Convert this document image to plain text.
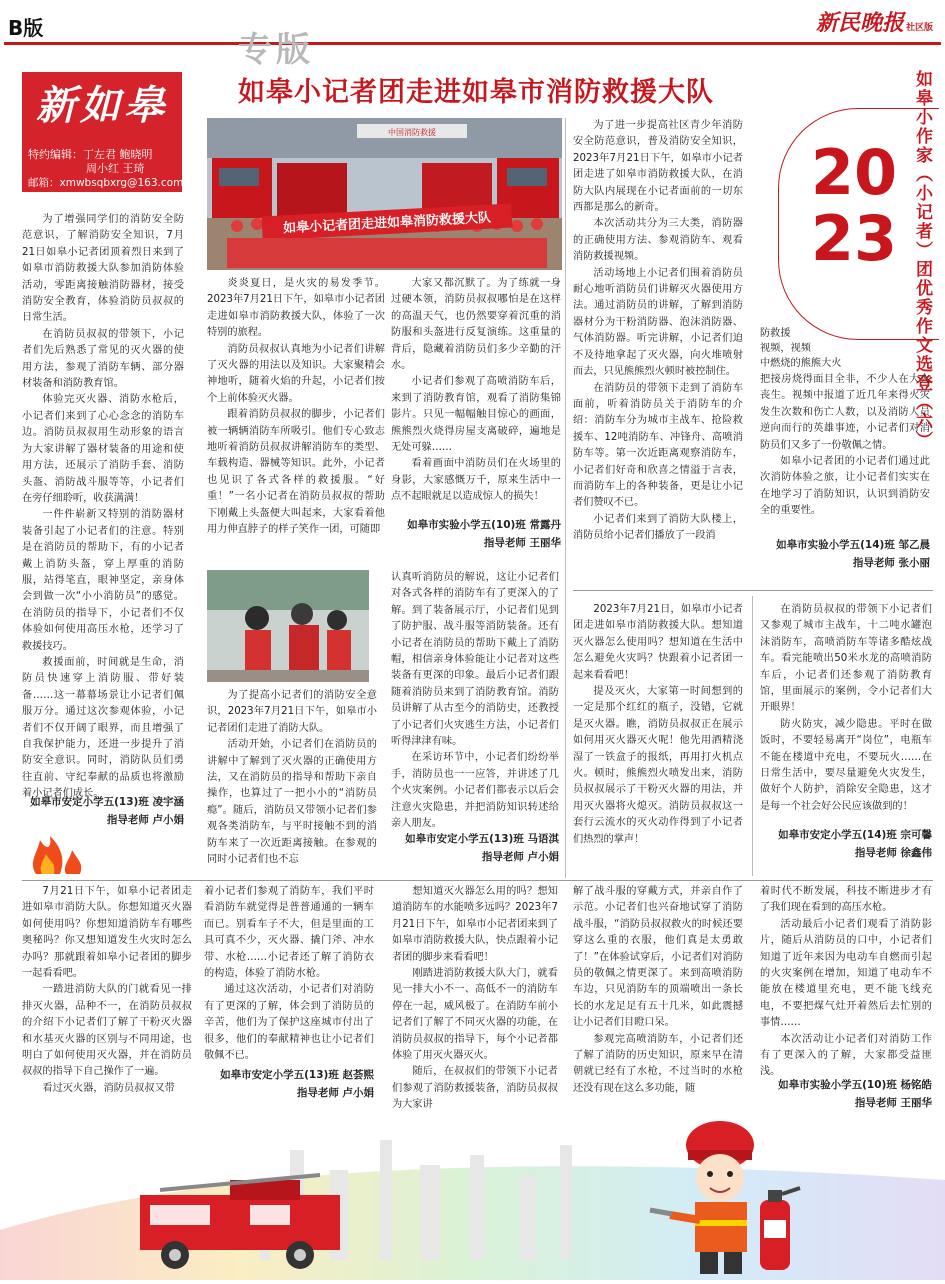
B版	新民晚报 社区版
专版
如皋小记者团走进如皋市消防救援大队
新如皋
特约编辑：丁左君 鲍晓明
周小红 王琦
邮箱：xmwbsqbxrg@163.com	20
23 如皋小作家（小记者）团优秀作文选登（六）
中国消防救援
如皋小记者团走进如皋消防救援大队

为了增强同学们的消防安全防范意识，了解消防安全知识，7月21日如皋小记者团顶着烈日来到了如皋市消防救援大队参加消防体验活动，零距离接触消防器材，接受消防安全教育，体验消防员叔叔的日常生活。

在消防员叔叔的带领下，小记者们先后熟悉了常见的灭火器的使用方法，参观了消防车辆、部分器材装备和消防教育馆。

体验完灭火器、消防水枪后，小记者们来到了心心念念的消防车边。消防员叔叔用生动形象的语言为大家讲解了器材装备的用途和使用方法，还展示了消防手套、消防头盔、消防战斗服等等，小记者们在旁仔细聆听，收获满满！

一件件崭新又特别的消防器材装备引起了小记者们的注意。特别是在消防员的帮助下，有的小记者戴上消防头盔，穿上厚重的消防服，站得笔直，眼神坚定，亲身体会到做一次“小小消防员”的感觉。在消防员的指导下，小记者们不仅体验如何使用高压水枪，还学习了救援技巧。

救援面前，时间就是生命，消防员快速穿上消防服、带好装备……这一幕幕场景让小记者们佩服万分。通过这次参观体验，小记者们不仅开阔了眼界，而且增强了自我保护能力，还进一步提升了消防安全意识。同时，消防队员们勇往直前、守纪奉献的品质也将激励着小记者们成长。

如皋市安定小学五(13)班 凌宇涵
指导老师 卢小娟

炎炎夏日，是火灾的易发季节。2023年7月21日下午，如皋市小记者团走进如皋市消防救援大队，体验了一次特别的旅程。

消防员叔叔认真地为小记者们讲解了灭火器的用法以及知识。大家聚精会神地听，随着火焰的升起，小记者们按个上前体验灭火器。

跟着消防员叔叔的脚步，小记者们被一辆辆消防车所吸引。他们专心致志地听着消防员叔叔讲解消防车的类型、车载构造、器械等知识。此外，小记者也见识了各式各样的救援服。“好重！”一名小记者在消防员叔叔的帮助下刚戴上头盔便大叫起来，大家看着他用力伸直脖子的样子笑作一团，可随即

大家又都沉默了。为了练就一身过硬本领，消防员叔叔哪怕是在这样的高温天气，也仍然要穿着沉重的消防服和头盔进行反复演练。这重量的背后，隐藏着消防员们多少辛勤的汗水。

小记者们参观了高喷消防车后，来到了消防教育馆，观看了消防集锦影片。只见一幅幅触目惊心的画面，熊熊烈火烧得房屋支离破碎，遍地是无处可躲……

看着画面中消防员们在火场里的身影，大家感慨万千，原来生活中一点不起眼就足以造成惊人的损失！

如皋市实验小学五(10)班 常露丹
指导老师 王丽华

为了进一步提高社区青少年消防安全防范意识，普及消防安全知识，2023年7月21日下午，如皋市小记者团走进了如皋市消防救援大队，在消防大队内展现在小记者面前的一切东西都是那么的新奇。

本次活动共分为三大类，消防器的正确使用方法、参观消防车、观看消防救援视频。

活动场地上小记者们围着消防员耐心地听消防员们讲解灭火器使用方法。通过消防员的讲解，了解到消防器材分为干粉消防器、泡沫消防器、气体消防器。听完讲解，小记者们迫不及待地拿起了灭火器，向火堆喷射而去，只见熊熊烈火顿时被控制住。

在消防员的带领下走到了消防车面前，听着消防员关于消防车的介绍：消防车分为城市主战车、抢险救援车、12吨消防车、冲锋舟、高喷消防车等。第一次近距离观察消防车，小记者们好奇和欣喜之情溢于言表，而消防车上的各种装备，更是让小记者们赞叹不已。

小记者们来到了消防大队楼上，消防员给小记者们播放了一段消

防救援
视频，视频
中燃烧的熊熊大火

把接房烧得面目全非，不少人在大火丧生。视频中报道了近几年来得火灾发生次数和伤亡人数，以及消防人员逆向而行的英雄事迹，小记者们对消防员们又多了一份敬佩之情。

如皋小记者团的小记者们通过此次消防体验之旅，让小记者们实实在在地学习了消防知识，认识到消防安全的重要性。

如皋市实验小学五(14)班 邹乙晨
指导老师 张小丽

为了提高小记者们的消防安全意识，2023年7月21日下午，如皋市小记者团们走进了消防大队。

活动开始，小记者们在消防员的讲解中了解到了灭火器的正确使用方法，又在消防员的指导和帮助下亲自操作，也算过了一把小小的“消防员瘾”。随后，消防员又带领小记者们参观各类消防车，与平时接触不到的消防车来了一次近距离接触。在参观的同时小记者们也不忘

认真听消防员的解说，这让小记者们对各式各样的消防车有了更深入的了解。到了装备展示厅，小记者们见到了防护服、战斗服等消防装备。还有小记者在消防员的帮助下戴上了消防帽，相信亲身体验能让小记者对这些装备有更深的印象。最后小记者们跟随着消防员来到了消防教育馆。消防员讲解了从古至今的消防史，还教授了小记者们火灾逃生方法，小记者们听得津津有味。

在采访环节中，小记者们纷纷举手，消防员也一一应答，并讲述了几个火灾案例。小记者们都表示以后会注意火灾隐患，并把消防知识转述给亲人朋友。

如皋市安定小学五(13)班 马语淇
指导老师 卢小娟

2023年7月21日，如皋市小记者团走进如皋市消防救援大队。想知道灭火器怎么使用吗？想知道在生活中怎么避免火灾吗？快跟着小记者团一起来看看吧！

提及灭火，大家第一时间想到的一定是那个红红的瓶子，没错，它就是灭火器。瞧，消防员叔叔正在展示如何用灭火器灭火呢！他先用酒精浇湿了一铁盒子的报纸，再用打火机点火。顿时，熊熊烈火喷发出来，消防员叔叔展示了干粉灭火器的用法，并用灭火器将火熄灭。消防员叔叔这一套行云流水的灭火动作得到了小记者们热烈的掌声！

在消防员叔叔的带领下小记者们又参观了城市主战车，十二吨水罐泡沫消防车，高喷消防车等诸多酷炫战车。看完能喷出50米水龙的高喷消防车后，小记者们还参观了消防教育馆，里面展示的案例，令小记者们大开眼界！

防火防灾，减少隐患。平时在做饭时，不要轻易离开“岗位”，电瓶车不能在楼道中充电，不要玩火……在日常生活中，要尽量避免火灾发生，做好个人防护，消除安全隐患，这才是每一个社会好公民应该做到的！

如皋市安定小学五(14)班 宗可馨
指导老师 徐鑫伟

7月21日下午，如皋小记者团走进如皋市消防大队。你想知道灭火器如何使用吗？你想知道消防车有哪些奥秘吗？你又想知道发生火灾时怎么办吗？那就跟着如皋小记者团的脚步一起看看吧。

一踏进消防大队的门就看见一排排灭火器，品种不一，在消防员叔叔的介绍下小记者们了解了干粉灭火器和水基灭火器的区别与不同用途，也明白了如何使用灭火器，并在消防员叔叔的指导下自己操作了一遍。

看过灭火器，消防员叔叔又带

着小记者们参观了消防车，我们平时看消防车就觉得是普普通通的一辆车而已。别看车子不大，但是里面的工具可真不少，灭火器、撬门斧、冲水带、水枪……小记者还了解了消防衣的构造，体验了消防水枪。

通过这次活动，小记者们对消防有了更深的了解，体会到了消防员的辛苦，他们为了保护这座城市付出了很多，他们的奉献精神也让小记者们敬佩不已。

如皋市安定小学五(13)班 赵荟熙
指导老师 卢小娟

想知道灭火器怎么用的吗？想知道消防车的水能喷多远吗？2023年7月21日下午，如皋市小记者团来到了如皋市消防救援大队，快点跟着小记者团的脚步来看看吧！

刚踏进消防救援大队大门，就看见一排大小不一、高低不一的消防车停在一起，威风极了。在消防车前小记者们了解了不同灭火器的功能，在消防员叔叔的指导下，每个小记者都体验了用灭火器灭火。

随后，在叔叔们的带领下小记者们参观了消防救援装备，消防员叔叔为大家讲

解了战斗服的穿戴方式，并亲自作了示范。小记者们也兴奋地试穿了消防战斗服，“消防员叔叔救火的时候还要穿这么重的衣服，他们真是太勇敢了！”在体验试穿后，小记者们对消防员的敬佩之情更深了。来到高喷消防车边，只见消防车的顶端喷出一条长长的水龙足足有五十几米，如此震撼让小记者们目瞪口呆。

参观完高喷消防车，小记者们还了解了消防的历史知识，原来早在清朝就已经有了水枪，不过当时的水枪还没有现在这么多功能，随

着时代不断发展，科技不断进步才有了我们现在看到的高压水枪。

活动最后小记者们观看了消防影片，随后从消防员的口中，小记者们知道了近年来因为电动车自燃而引起的火灾案例在增加，知道了电动车不能放在楼道里充电，更不能飞线充电，不要把煤气灶开着然后去忙别的事情……

本次活动让小记者们对消防工作有了更深入的了解，大家都受益匪浅。

如皋市实验小学五(10)班 杨铭皓
指导老师 王丽华
